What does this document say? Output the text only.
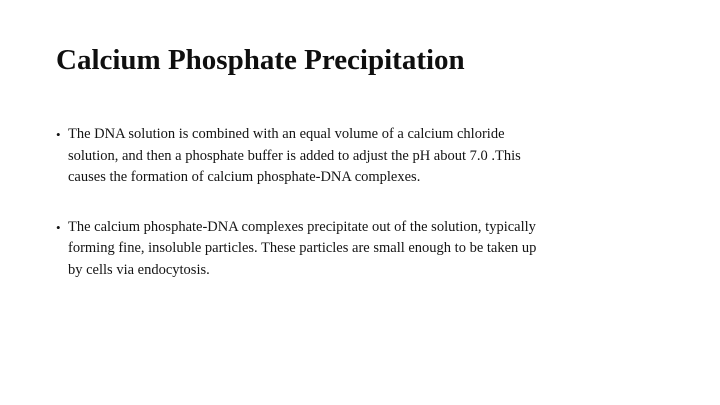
Calcium Phosphate Precipitation
• The DNA solution is combined with an equal volume of a calcium chloride
solution, and then a phosphate buffer is added to adjust the pH about 7.0 .This
causes the formation of calcium phosphate-DNA complexes.
• The calcium phosphate-DNA complexes precipitate out of the solution, typically
forming fine, insoluble particles. These particles are small enough to be taken up
by cells via endocytosis.
